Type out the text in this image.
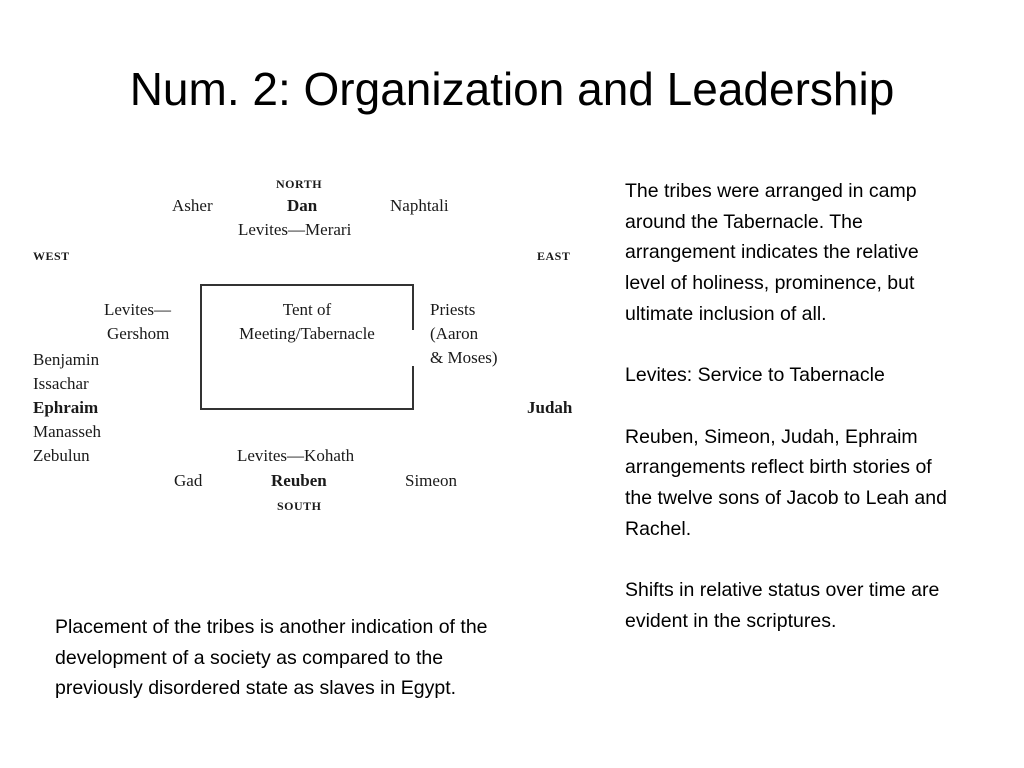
Num. 2: Organization and Leadership
NORTH
Asher	Dan	Naphtali
Levites—Merari
WEST	EAST
Levites—
Gershom
Benjamin
Issachar
Ephraim
Manasseh
Zebulun
Tent of
Meeting/Tabernacle
Priests
(Aaron
& Moses)
Judah
Levites—Kohath
Gad	Reuben	Simeon
SOUTH

The tribes were arranged in camp around the Tabernacle. The arrangement indicates the relative level of holiness, prominence, but ultimate inclusion of all.

Levites: Service to Tabernacle

Reuben, Simeon, Judah, Ephraim arrangements reflect birth stories of the twelve sons of Jacob to Leah and Rachel.

Shifts in relative status over time are evident in the scriptures.

Placement of the tribes is another indication of the development of a society as compared to the previously disordered state as slaves in Egypt.
